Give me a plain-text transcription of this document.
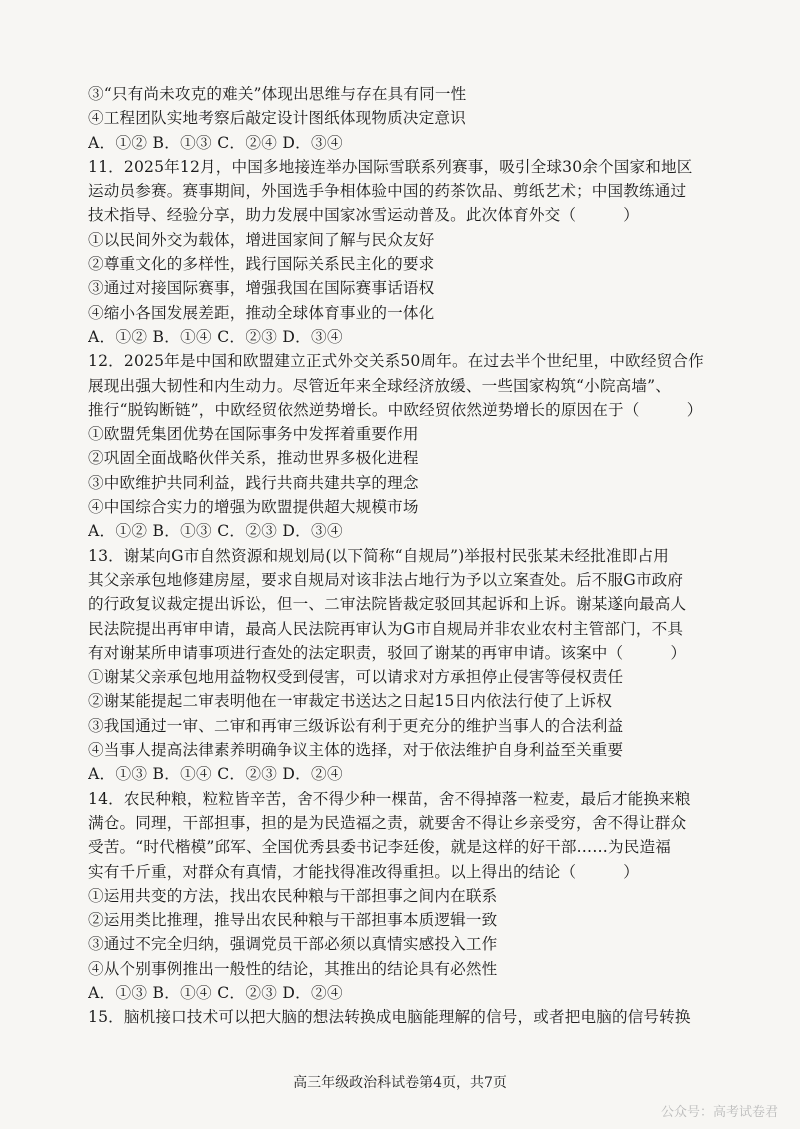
③“只有尚未攻克的难关”体现出思维与存在具有同一性
④工程团队实地考察后敲定设计图纸体现物质决定意识
A．①② B．①③ C．②④ D．③④
11．2025年12月，中国多地接连举办国际雪联系列赛事，吸引全球30余个国家和地区
运动员参赛。赛事期间，外国选手争相体验中国的药茶饮品、剪纸艺术；中国教练通过
技术指导、经验分享，助力发展中国家冰雪运动普及。此次体育外交（　　　）
①以民间外交为载体，增进国家间了解与民众友好
②尊重文化的多样性，践行国际关系民主化的要求
③通过对接国际赛事，增强我国在国际赛事话语权
④缩小各国发展差距，推动全球体育事业的一体化
A．①② B．①④ C．②③ D．③④
12．2025年是中国和欧盟建立正式外交关系50周年。在过去半个世纪里，中欧经贸合作
展现出强大韧性和内生动力。尽管近年来全球经济放缓、一些国家构筑“小院高墙”、
推行“脱钩断链”，中欧经贸依然逆势增长。中欧经贸依然逆势增长的原因在于（　　　）
①欧盟凭集团优势在国际事务中发挥着重要作用
②巩固全面战略伙伴关系，推动世界多极化进程
③中欧维护共同利益，践行共商共建共享的理念
④中国综合实力的增强为欧盟提供超大规模市场
A．①② B．①③ C．②③ D．③④
13．谢某向G市自然资源和规划局(以下简称“自规局”)举报村民张某未经批准即占用
其父亲承包地修建房屋，要求自规局对该非法占地行为予以立案查处。后不服G市政府
的行政复议裁定提出诉讼，但一、二审法院皆裁定驳回其起诉和上诉。谢某遂向最高人
民法院提出再审申请，最高人民法院再审认为G市自规局并非农业农村主管部门，不具
有对谢某所申请事项进行查处的法定职责，驳回了谢某的再审申请。该案中（　　　）
①谢某父亲承包地用益物权受到侵害，可以请求对方承担停止侵害等侵权责任
②谢某能提起二审表明他在一审裁定书送达之日起15日内依法行使了上诉权
③我国通过一审、二审和再审三级诉讼有利于更充分的维护当事人的合法利益
④当事人提高法律素养明确争议主体的选择，对于依法维护自身利益至关重要
A．①③ B．①④ C．②③ D．②④
14．农民种粮，粒粒皆辛苦，舍不得少种一棵苗，舍不得掉落一粒麦，最后才能换来粮
满仓。同理，干部担事，担的是为民造福之责，就要舍不得让乡亲受穷，舍不得让群众
受苦。“时代楷模”邱军、全国优秀县委书记李廷俊，就是这样的好干部……为民造福
实有千斤重，对群众有真情，才能找得准改得重担。以上得出的结论（　　　）
①运用共变的方法，找出农民种粮与干部担事之间内在联系
②运用类比推理，推导出农民种粮与干部担事本质逻辑一致
③通过不完全归纳，强调党员干部必须以真情实感投入工作
④从个别事例推出一般性的结论，其推出的结论具有必然性
A．①③ B．①④ C．②③ D．②④
15．脑机接口技术可以把大脑的想法转换成电脑能理解的信号，或者把电脑的信号转换
高三年级政治科试卷第4页，共7页
公众号：高考试卷君
